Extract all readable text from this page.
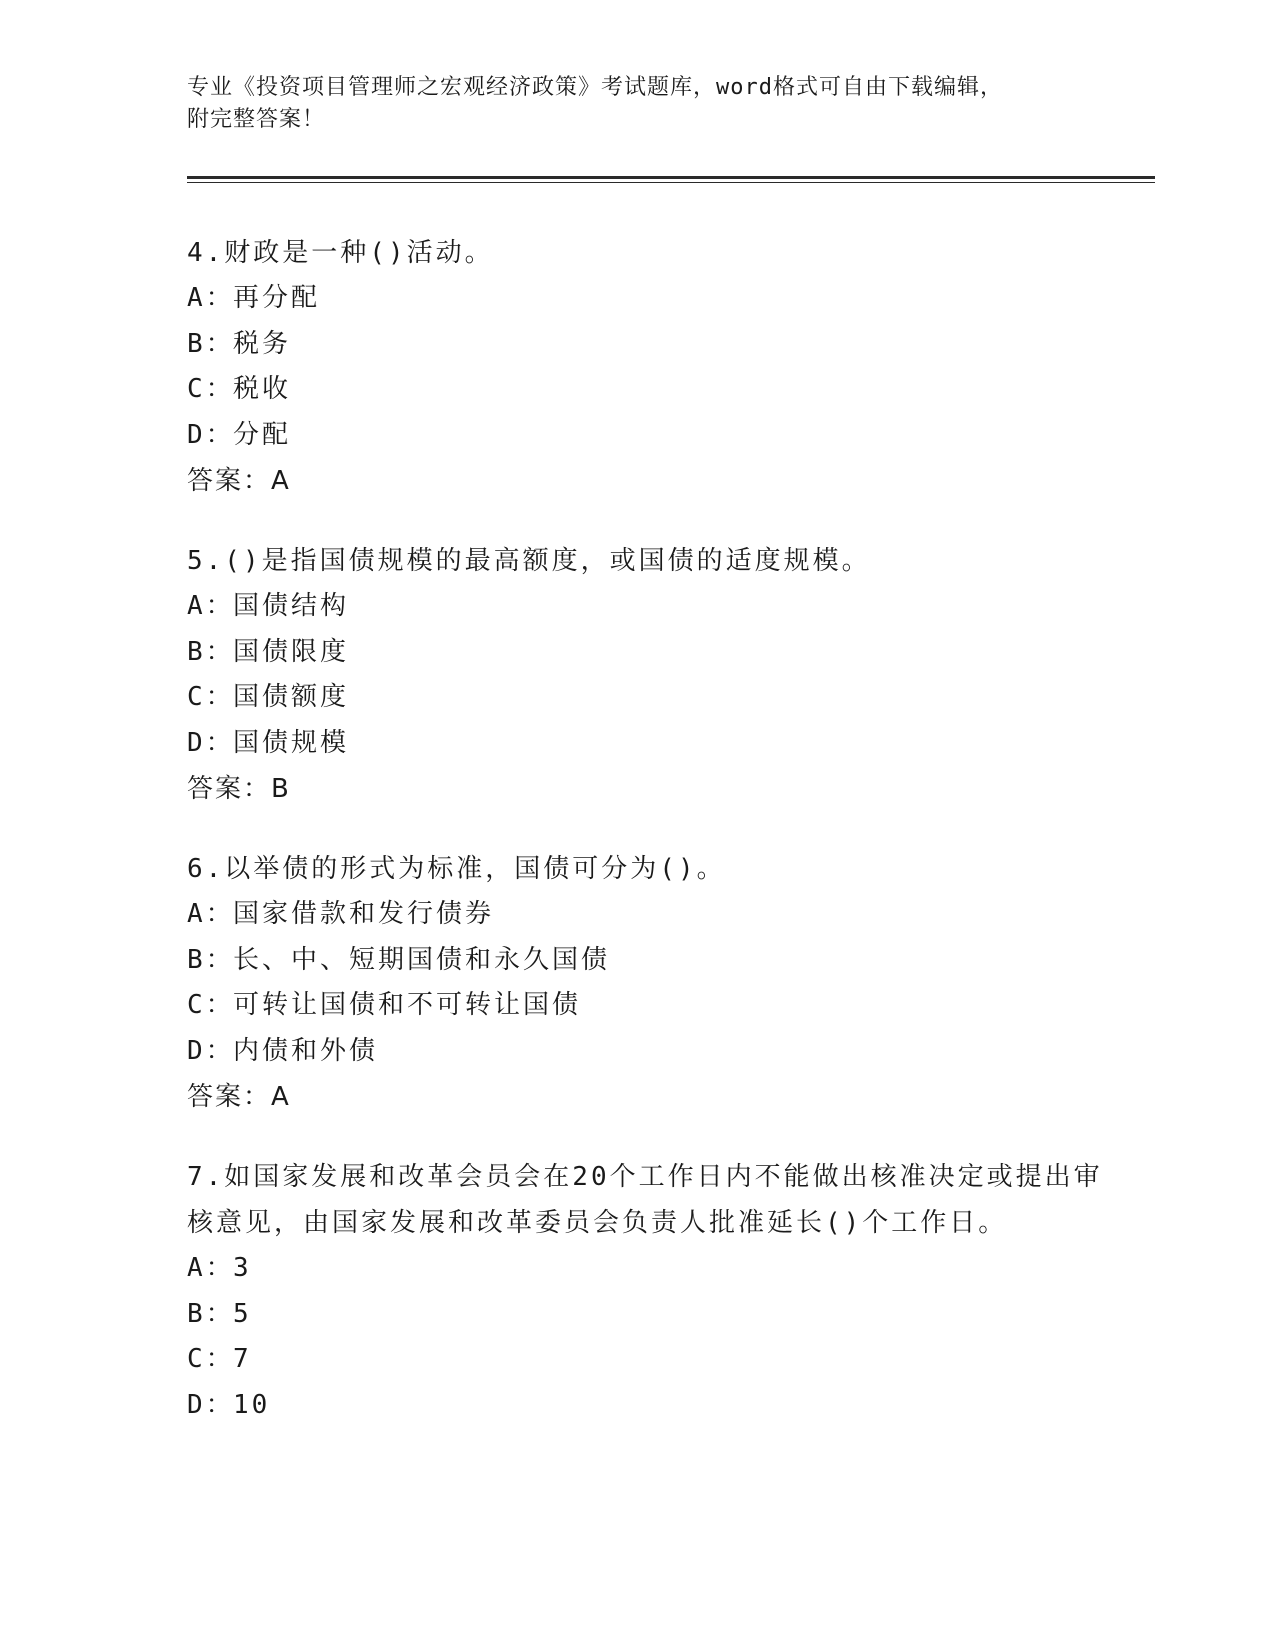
专业《投资项目管理师之宏观经济政策》考试题库，word格式可自由下载编辑，
附完整答案！

4.财政是一种()活动。

A：再分配
B：税务
C：税收
D：分配
答案：A

5.()是指国债规模的最高额度，或国债的适度规模。

A：国债结构
B：国债限度
C：国债额度
D：国债规模
答案：B

6.以举债的形式为标准，国债可分为()。

A：国家借款和发行债券
B：长、中、短期国债和永久国债
C：可转让国债和不可转让国债
D：内债和外债
答案：A

7.如国家发展和改革会员会在20个工作日内不能做出核准决定或提出审核意见，由国家发展和改革委员会负责人批准延长()个工作日。

A：3
B：5
C：7
D：10
